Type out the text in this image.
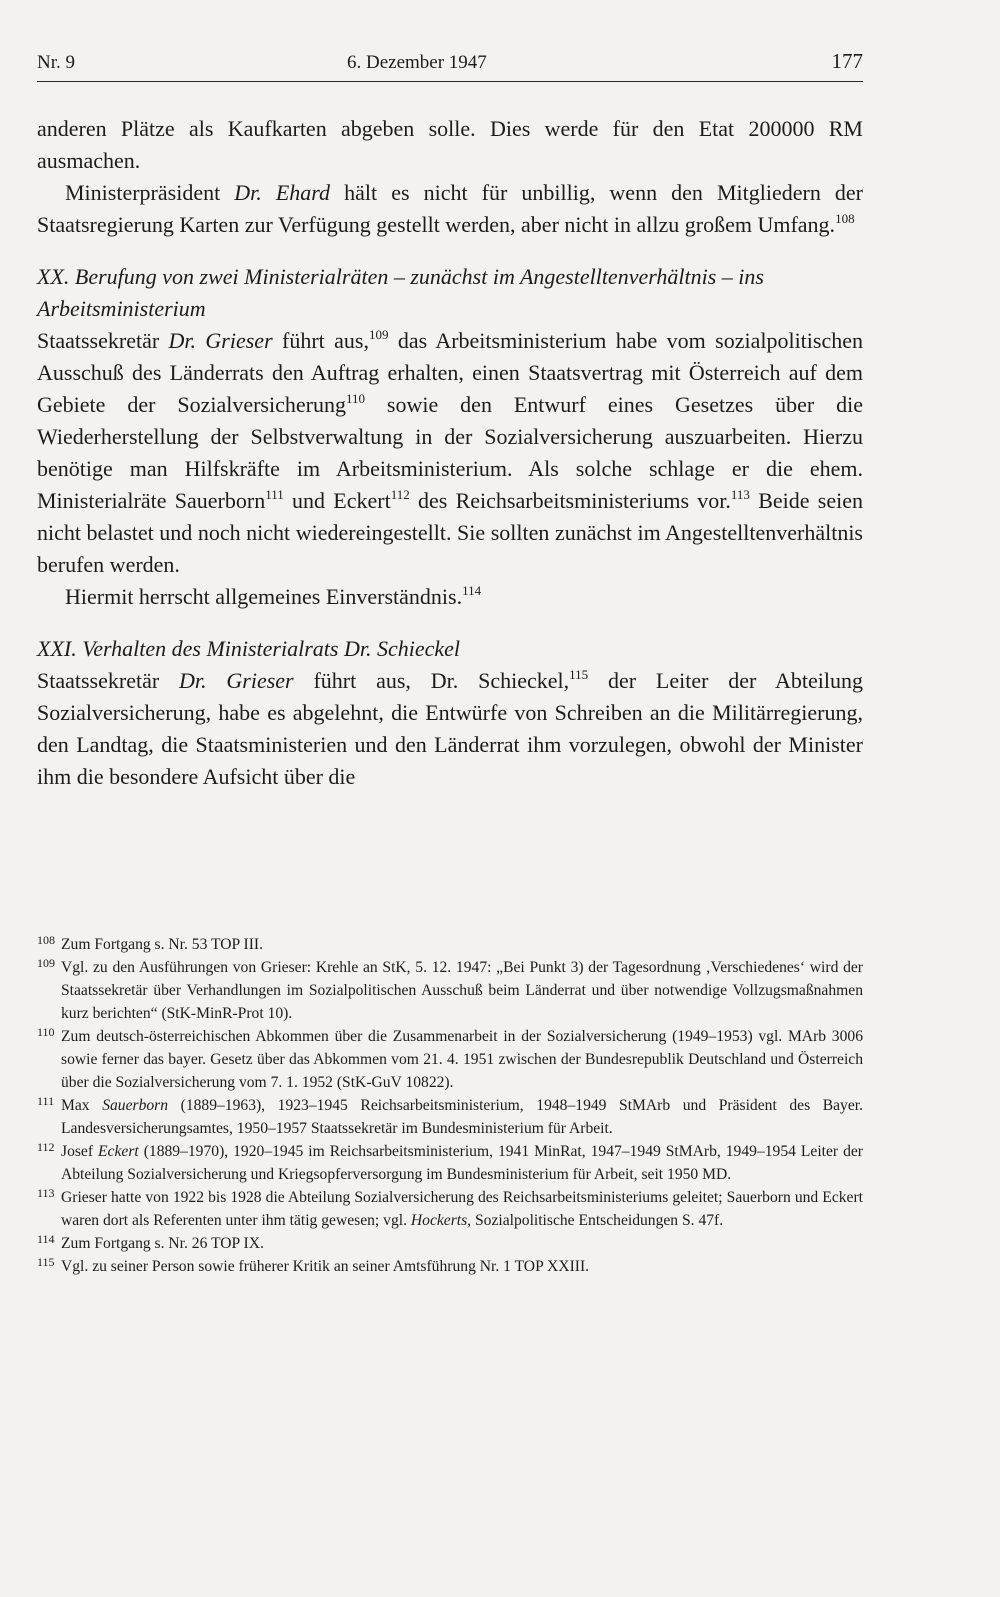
Nr. 9	6. Dezember 1947	177

anderen Plätze als Kaufkarten abgeben solle. Dies werde für den Etat 200000 RM ausmachen.

Ministerpräsident Dr. Ehard hält es nicht für unbillig, wenn den Mitgliedern der Staatsregierung Karten zur Verfügung gestellt werden, aber nicht in allzu großem Umfang.$^{108}$

XX. Berufung von zwei Ministerialräten – zunächst im Angestelltenverhältnis – ins Arbeitsministerium

Staatssekretär Dr. Grieser führt aus,$^{109}$ das Arbeitsministerium habe vom sozialpolitischen Ausschuß des Länderrats den Auftrag erhalten, einen Staatsvertrag mit Österreich auf dem Gebiete der Sozialversicherung$^{110}$ sowie den Entwurf eines Gesetzes über die Wiederherstellung der Selbstverwaltung in der Sozialversicherung auszuarbeiten. Hierzu benötige man Hilfskräfte im Arbeitsministerium. Als solche schlage er die ehem. Ministerialräte Sauerborn$^{111}$ und Eckert$^{112}$ des Reichsarbeitsministeriums vor.$^{113}$ Beide seien nicht belastet und noch nicht wiedereingestellt. Sie sollten zunächst im Angestelltenverhältnis berufen werden.

Hiermit herrscht allgemeines Einverständnis.$^{114}$

XXI. Verhalten des Ministerialrats Dr. Schieckel

Staatssekretär Dr. Grieser führt aus, Dr. Schieckel,$^{115}$ der Leiter der Abteilung Sozialversicherung, habe es abgelehnt, die Entwürfe von Schreiben an die Militärregierung, den Landtag, die Staatsministerien und den Länderrat ihm vorzulegen, obwohl der Minister ihm die besondere Aufsicht über die

108 Zum Fortgang s. Nr. 53 TOP III.

109 Vgl. zu den Ausführungen von Grieser: Krehle an StK, 5. 12. 1947: „Bei Punkt 3) der Tagesordnung ‚Verschiedenes‘ wird der Staatssekretär über Verhandlungen im Sozialpolitischen Ausschuß beim Länderrat und über notwendige Vollzugsmaßnahmen kurz berichten“ (StK-MinR-Prot 10).

110 Zum deutsch-österreichischen Abkommen über die Zusammenarbeit in der Sozialversicherung (1949–1953) vgl. MArb 3006 sowie ferner das bayer. Gesetz über das Abkommen vom 21. 4. 1951 zwischen der Bundesrepublik Deutschland und Österreich über die Sozialversicherung vom 7. 1. 1952 (StK-GuV 10822).

111 Max Sauerborn (1889–1963), 1923–1945 Reichsarbeitsministerium, 1948–1949 StMArb und Präsident des Bayer. Landesversicherungsamtes, 1950–1957 Staatssekretär im Bundesministerium für Arbeit.

112 Josef Eckert (1889–1970), 1920–1945 im Reichsarbeitsministerium, 1941 MinRat, 1947–1949 StMArb, 1949–1954 Leiter der Abteilung Sozialversicherung und Kriegsopferversorgung im Bundesministerium für Arbeit, seit 1950 MD.

113 Grieser hatte von 1922 bis 1928 die Abteilung Sozialversicherung des Reichsarbeitsministeriums geleitet; Sauerborn und Eckert waren dort als Referenten unter ihm tätig gewesen; vgl. Hockerts, Sozialpolitische Entscheidungen S. 47f.

114 Zum Fortgang s. Nr. 26 TOP IX.

115 Vgl. zu seiner Person sowie früherer Kritik an seiner Amtsführung Nr. 1 TOP XXIII.
